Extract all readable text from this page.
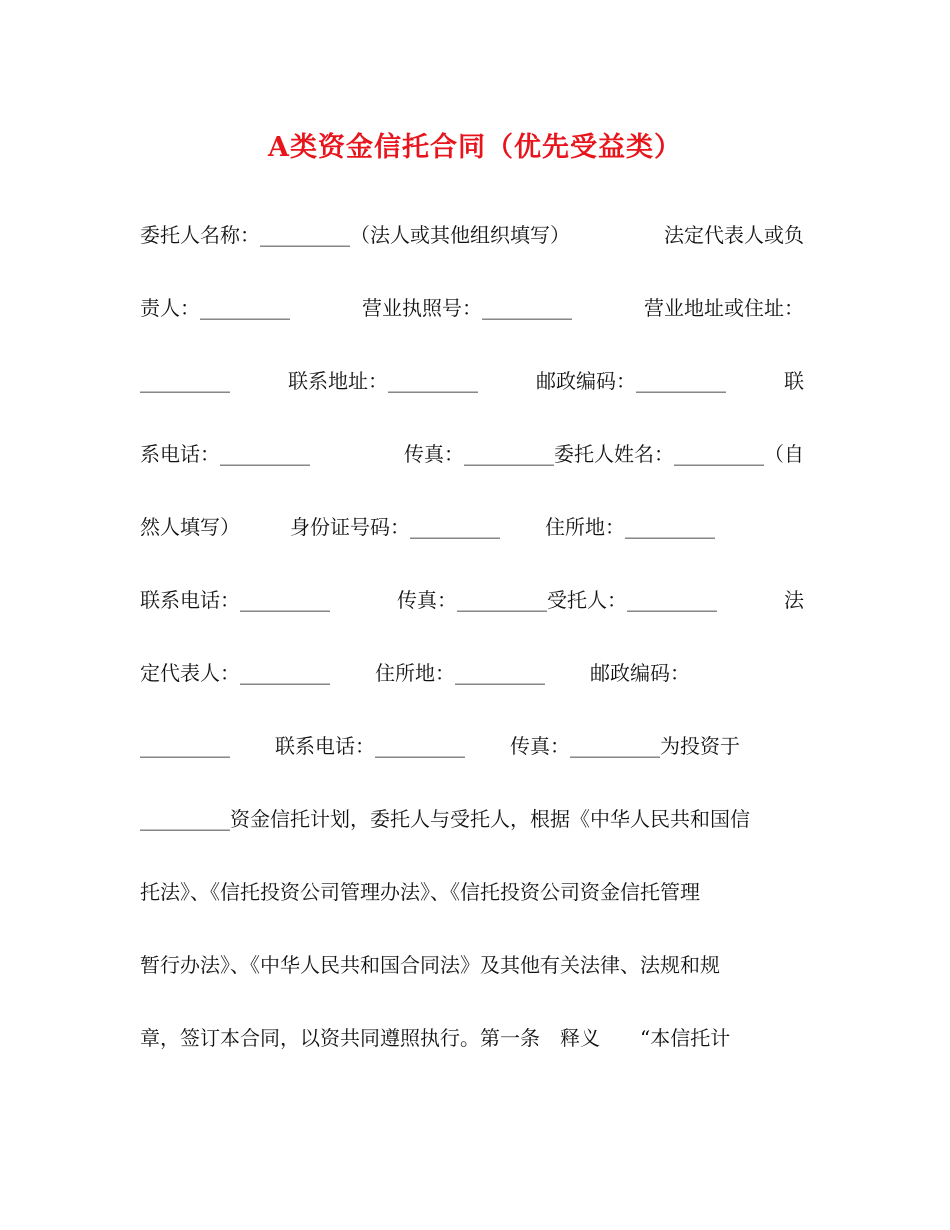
A类资金信托合同（优先受益类）
委托人名称：_________（法人或其他组织填写）	法定代表人或负
责人：_________	营业执照号：_________	营业地址或住址：
_________	联系地址：_________	邮政编码：_________	联
系电话：_________	传真：_________委托人姓名：_________（自
然人填写）	身份证号码：_________ 住所地：_________
联系电话：_________	传真：_________受托人：_________	法
定代表人：_________ 住所地：_________ 邮政编码：
_________ 联系电话：_________ 传真：_________为投资于
_________资金信托计划，委托人与受托人，根据《中华人民共和国信
托法》、《信托投资公司管理办法》、《信托投资公司资金信托管理
暂行办法》、《中华人民共和国合同法》及其他有关法律、法规和规
章，签订本合同，以资共同遵照执行。第一条　释义　　“本信托计
